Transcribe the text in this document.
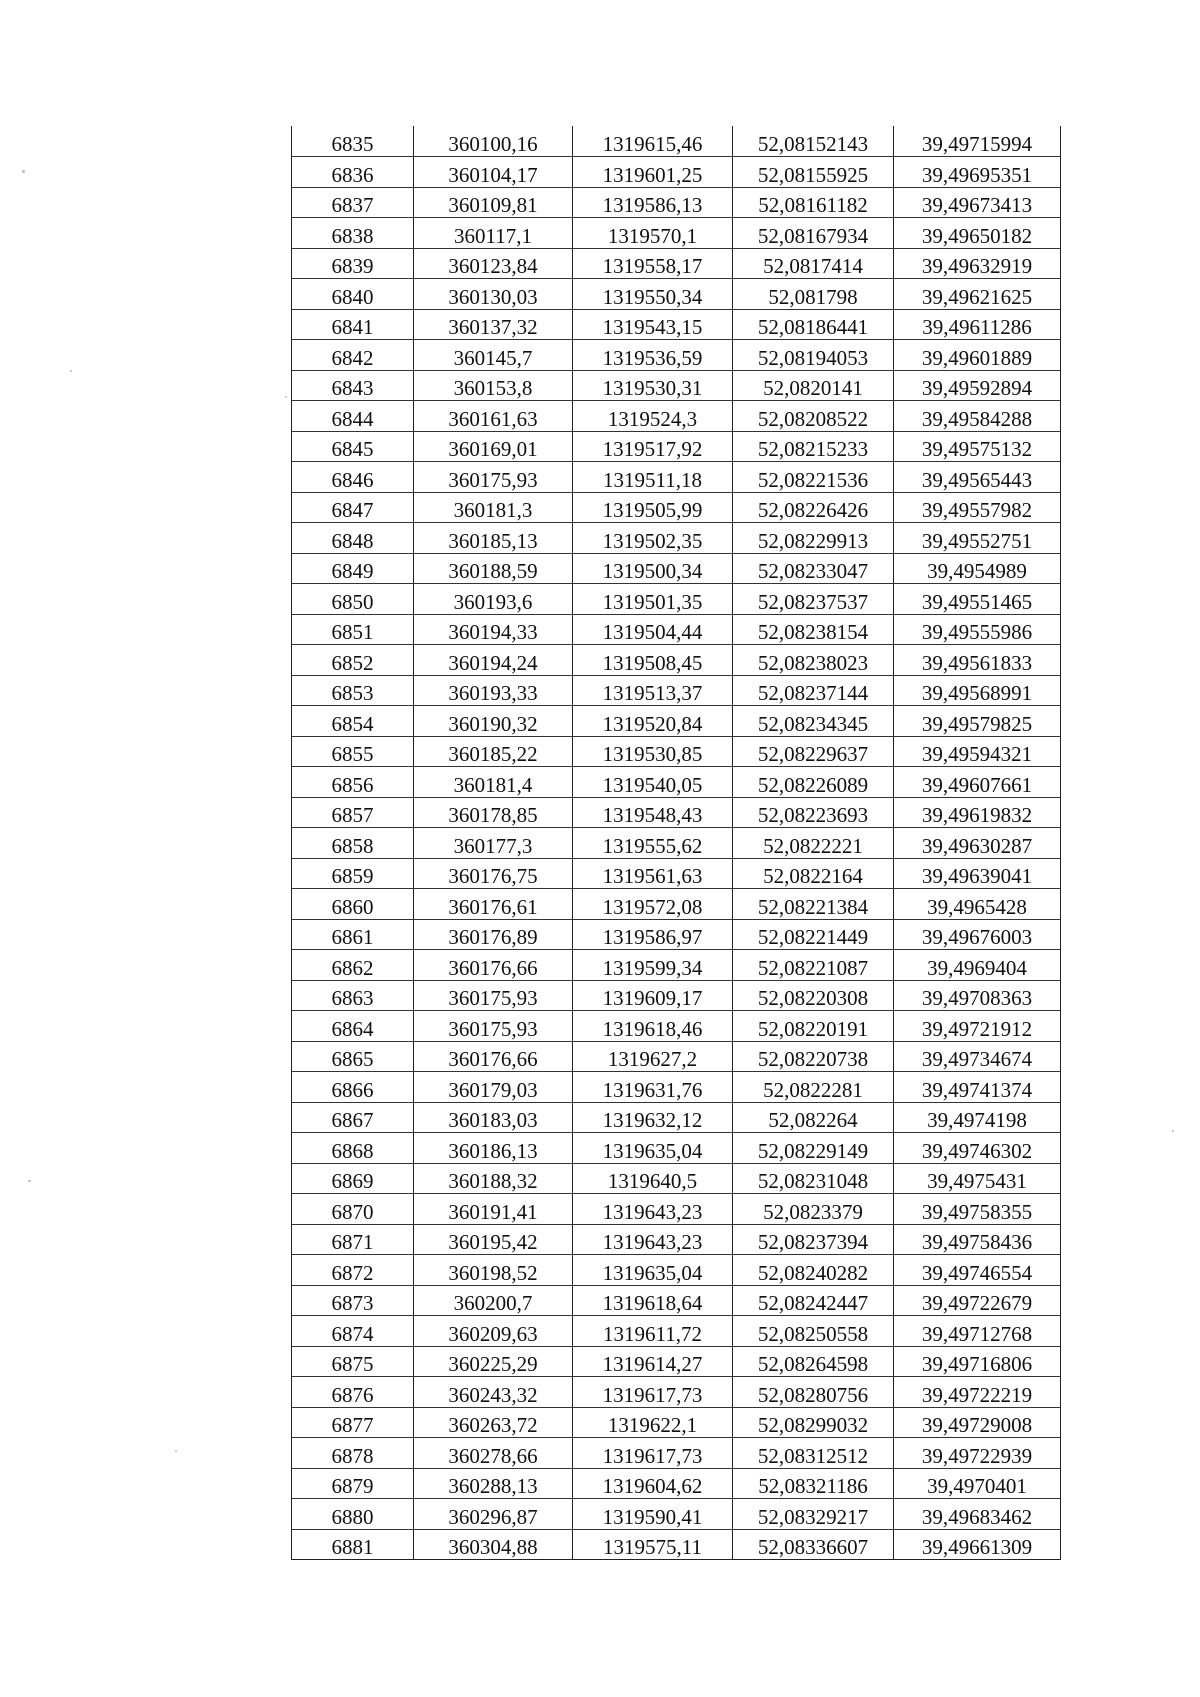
6835	360100,16	1319615,46	52,08152143	39,49715994
6836	360104,17	1319601,25	52,08155925	39,49695351
6837	360109,81	1319586,13	52,08161182	39,49673413
6838	360117,1	1319570,1	52,08167934	39,49650182
6839	360123,84	1319558,17	52,0817414	39,49632919
6840	360130,03	1319550,34	52,081798	39,49621625
6841	360137,32	1319543,15	52,08186441	39,49611286
6842	360145,7	1319536,59	52,08194053	39,49601889
6843	360153,8	1319530,31	52,0820141	39,49592894
6844	360161,63	1319524,3	52,08208522	39,49584288
6845	360169,01	1319517,92	52,08215233	39,49575132
6846	360175,93	1319511,18	52,08221536	39,49565443
6847	360181,3	1319505,99	52,08226426	39,49557982
6848	360185,13	1319502,35	52,08229913	39,49552751
6849	360188,59	1319500,34	52,08233047	39,4954989
6850	360193,6	1319501,35	52,08237537	39,49551465
6851	360194,33	1319504,44	52,08238154	39,49555986
6852	360194,24	1319508,45	52,08238023	39,49561833
6853	360193,33	1319513,37	52,08237144	39,49568991
6854	360190,32	1319520,84	52,08234345	39,49579825
6855	360185,22	1319530,85	52,08229637	39,49594321
6856	360181,4	1319540,05	52,08226089	39,49607661
6857	360178,85	1319548,43	52,08223693	39,49619832
6858	360177,3	1319555,62	52,0822221	39,49630287
6859	360176,75	1319561,63	52,0822164	39,49639041
6860	360176,61	1319572,08	52,08221384	39,4965428
6861	360176,89	1319586,97	52,08221449	39,49676003
6862	360176,66	1319599,34	52,08221087	39,4969404
6863	360175,93	1319609,17	52,08220308	39,49708363
6864	360175,93	1319618,46	52,08220191	39,49721912
6865	360176,66	1319627,2	52,08220738	39,49734674
6866	360179,03	1319631,76	52,0822281	39,49741374
6867	360183,03	1319632,12	52,082264	39,4974198
6868	360186,13	1319635,04	52,08229149	39,49746302
6869	360188,32	1319640,5	52,08231048	39,4975431
6870	360191,41	1319643,23	52,0823379	39,49758355
6871	360195,42	1319643,23	52,08237394	39,49758436
6872	360198,52	1319635,04	52,08240282	39,49746554
6873	360200,7	1319618,64	52,08242447	39,49722679
6874	360209,63	1319611,72	52,08250558	39,49712768
6875	360225,29	1319614,27	52,08264598	39,49716806
6876	360243,32	1319617,73	52,08280756	39,49722219
6877	360263,72	1319622,1	52,08299032	39,49729008
6878	360278,66	1319617,73	52,08312512	39,49722939
6879	360288,13	1319604,62	52,08321186	39,4970401
6880	360296,87	1319590,41	52,08329217	39,49683462
6881	360304,88	1319575,11	52,08336607	39,49661309
